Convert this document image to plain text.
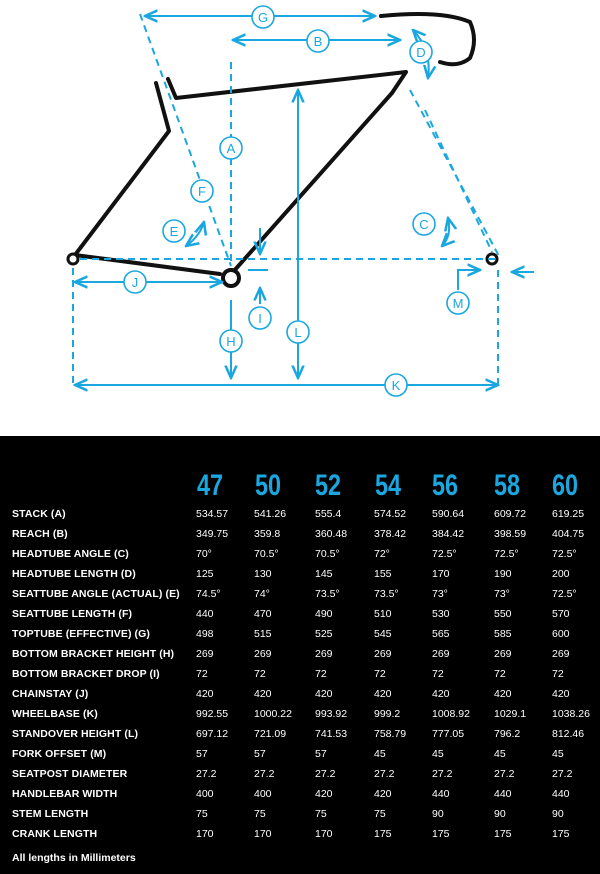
G
B
D
A
F
E	C
J
I
M
H
L
K
47 50 52 54 56 58 60
STACK (A)	534.57 541.26	555.4	574.52 590.64	609.72 619.25
REACH (B)	349.75 359.8	360.48	378.42 384.42	398.59 404.75
HEADTUBE ANGLE (C)	70°	70.5°	70.5°	72°	72.5°	72.5°	72.5°
HEADTUBE LENGTH (D)	125	130	145	155	170	190	200
SEATTUBE ANGLE (ACTUAL) (E) 74.5°	74°	73.5°	73.5°	73°	73°	72.5°
SEATTUBE LENGTH (F)	440	470	490	510	530	550	570
TOPTUBE (EFFECTIVE) (G)	498	515	525	545	565	585	600
BOTTOM BRACKET HEIGHT (H) 269	269	269	269	269	269	269
BOTTOM BRACKET DROP (I)	72	72	72	72	72	72	72
CHAINSTAY (J)	420	420	420	420	420	420	420
WHEELBASE (K)	992.55 1000.22 993.92	999.2	1008.92 1029.1 1038.26
STANDOVER HEIGHT (L)	697.12 721.09	741.53	758.79 777.05	796.2	812.46
FORK OFFSET (M)	57	57	57	45	45	45	45
SEATPOST DIAMETER	27.2	27.2	27.2	27.2	27.2	27.2	27.2
HANDLEBAR WIDTH	400	400	420	420	440	440	440
STEM LENGTH	75	75	75	75	90	90	90
CRANK LENGTH	170	170	170	175	175	175	175
All lengths in Millimeters
